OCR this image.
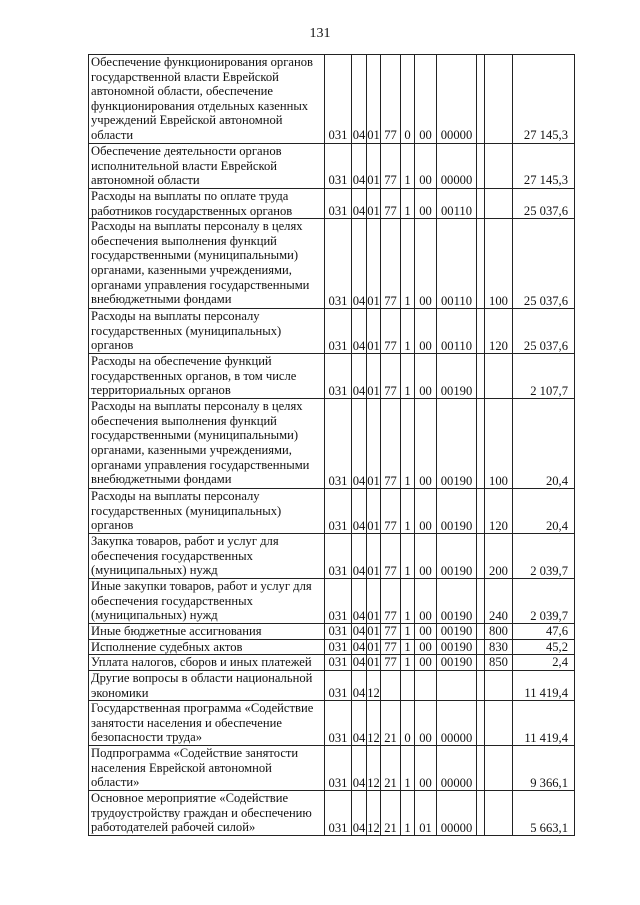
131
Обеспечение функционирования органов государственной власти Еврейской автономной области, обеспечение функционирования отдельных казенных учреждений Еврейской автономной области	031	04	01	77	0	00	00000			27 145,3
Обеспечение деятельности органов исполнительной власти Еврейской автономной области	031	04	01	77	1	00	00000			27 145,3
Расходы на выплаты по оплате труда работников государственных органов	031	04	01	77	1	00	00110			25 037,6
Расходы на выплаты персоналу в целях обеспечения выполнения функций государственными (муниципальными) органами, казенными учреждениями, органами управления государственными внебюджетными фондами	031	04	01	77	1	00	00110		100	25 037,6
Расходы на выплаты персоналу государственных (муниципальных) органов	031	04	01	77	1	00	00110		120	25 037,6
Расходы на обеспечение функций государственных органов, в том числе территориальных органов	031	04	01	77	1	00	00190			2 107,7
Расходы на выплаты персоналу в целях обеспечения выполнения функций государственными (муниципальными) органами, казенными учреждениями, органами управления государственными внебюджетными фондами	031	04	01	77	1	00	00190		100	20,4
Расходы на выплаты персоналу государственных (муниципальных) органов	031	04	01	77	1	00	00190		120	20,4
Закупка товаров, работ и услуг для обеспечения государственных (муниципальных) нужд	031	04	01	77	1	00	00190		200	2 039,7
Иные закупки товаров, работ и услуг для обеспечения государственных (муниципальных) нужд	031	04	01	77	1	00	00190		240	2 039,7
Иные бюджетные ассигнования	031	04	01	77	1	00	00190		800	47,6
Исполнение судебных актов	031	04	01	77	1	00	00190		830	45,2
Уплата налогов, сборов и иных платежей	031	04	01	77	1	00	00190		850	2,4
Другие вопросы в области национальной экономики	031	04	12							11 419,4
Государственная программа «Содействие занятости населения и обеспечение безопасности труда»	031	04	12	21	0	00	00000			11 419,4
Подпрограмма «Содействие занятости населения Еврейской автономной области»	031	04	12	21	1	00	00000			9 366,1
Основное мероприятие «Содействие трудоустройству граждан и обеспечению работодателей рабочей силой»	031	04	12	21	1	01	00000			5 663,1
